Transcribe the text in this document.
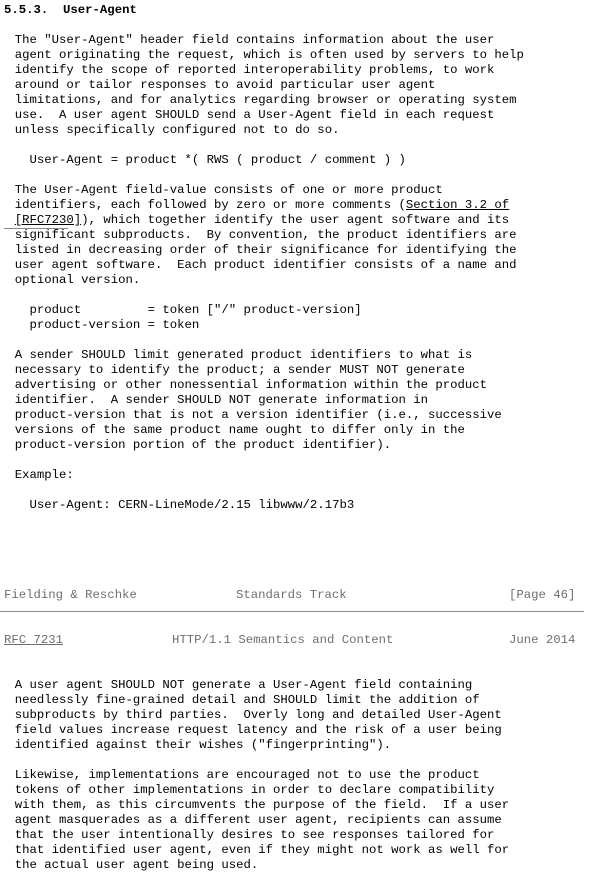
5.5.3.  User-Agent
The "User-Agent" header field contains information about the user
agent originating the request, which is often used by servers to help
identify the scope of reported interoperability problems, to work
around or tailor responses to avoid particular user agent
limitations, and for analytics regarding browser or operating system
use.  A user agent SHOULD send a User-Agent field in each request
unless specifically configured not to do so.
User-Agent = product *( RWS ( product / comment ) )
The User-Agent field-value consists of one or more product
identifiers, each followed by zero or more comments (Section 3.2 of
[RFC7230]), which together identify the user agent software and its
significant subproducts.  By convention, the product identifiers are
listed in decreasing order of their significance for identifying the
user agent software.  Each product identifier consists of a name and
optional version.
product         = token ["/" product-version]
product-version = token
A sender SHOULD limit generated product identifiers to what is
necessary to identify the product; a sender MUST NOT generate
advertising or other nonessential information within the product
identifier.  A sender SHOULD NOT generate information in
product-version that is not a version identifier (i.e., successive
versions of the same product name ought to differ only in the
product-version portion of the product identifier).
Example:
User-Agent: CERN-LineMode/2.15 libwww/2.17b3
Fielding & Reschke	Standards Track	[Page 46]
RFC 7231	HTTP/1.1 Semantics and Content	June 2014
A user agent SHOULD NOT generate a User-Agent field containing
needlessly fine-grained detail and SHOULD limit the addition of
subproducts by third parties.  Overly long and detailed User-Agent
field values increase request latency and the risk of a user being
identified against their wishes ("fingerprinting").
Likewise, implementations are encouraged not to use the product
tokens of other implementations in order to declare compatibility
with them, as this circumvents the purpose of the field.  If a user
agent masquerades as a different user agent, recipients can assume
that the user intentionally desires to see responses tailored for
that identified user agent, even if they might not work as well for
the actual user agent being used.
